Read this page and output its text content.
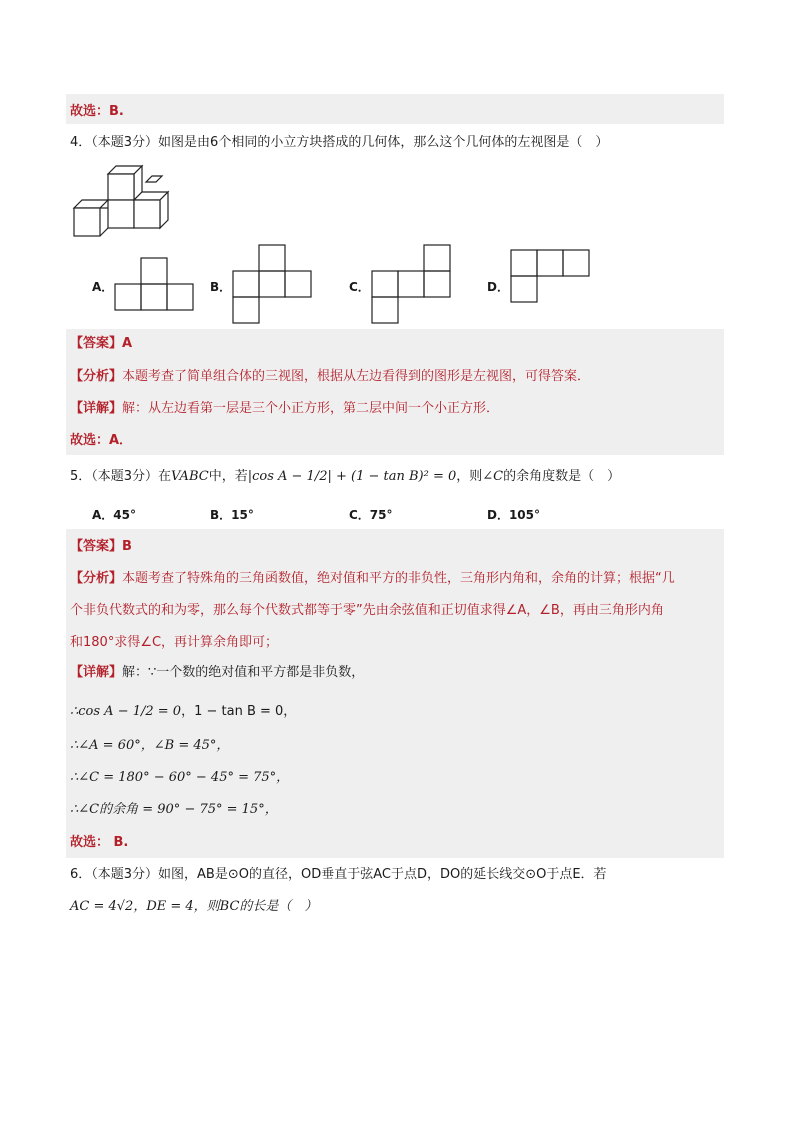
故选：B.
4．（本题3分）如图是由6个相同的小立方块搭成的几何体，那么这个几何体的左视图是（　）
A．	B．	C．	D．
【答案】A
【分析】本题考查了简单组合体的三视图，根据从左边看得到的图形是左视图，可得答案．
【详解】解：从左边看第一层是三个小正方形，第二层中间一个小正方形．
故选：A．
5．（本题3分）在VABC中，若|cos A − 1/2| + (1 − tan B)² = 0，则∠C的余角度数是（　）
A．45°	B．15°	C．75°	D．105°
【答案】B
【分析】本题考查了特殊角的三角函数值，绝对值和平方的非负性，三角形内角和，余角的计算；根据“几
个非负代数式的和为零，那么每个代数式都等于零”先由余弦值和正切值求得∠A，∠B，再由三角形内角
和180°求得∠C，再计算余角即可；
【详解】解：∵一个数的绝对值和平方都是非负数，
∴cos A − 1/2 = 0，1 − tan B = 0，
∴∠A = 60°，∠B = 45°，
∴∠C = 180° − 60° − 45° = 75°，
∴∠C的余角 = 90° − 75° = 15°，
故选： B.
6．（本题3分）如图，AB是⊙O的直径，OD垂直于弦AC于点D，DO的延长线交⊙O于点E．若
AC = 4√2，DE = 4，则BC的长是（　）
